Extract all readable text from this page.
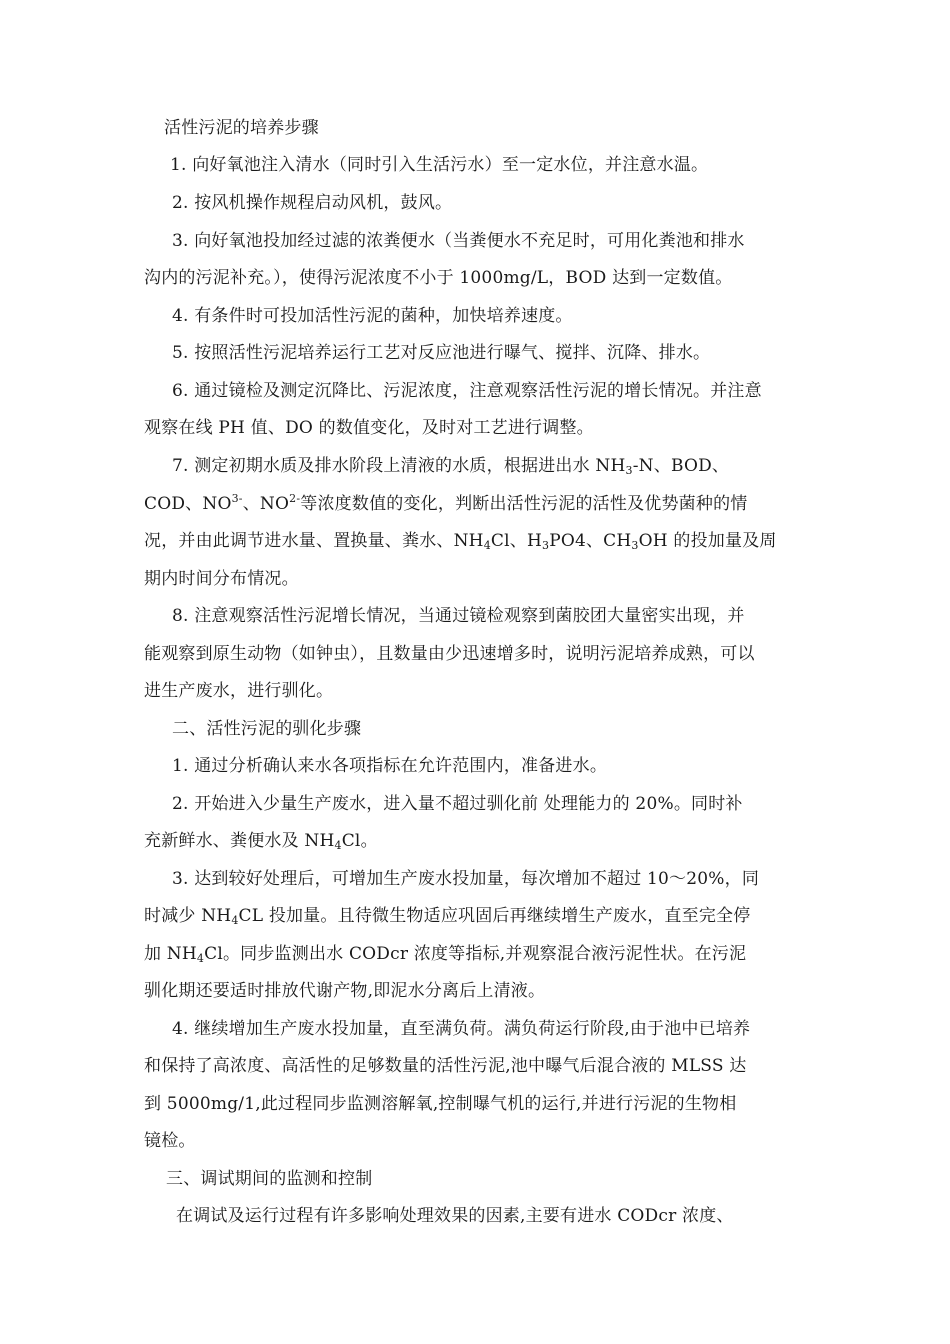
活性污泥的培养步骤
1. 向好氧池注入清水（同时引入生活污水）至一定水位，并注意水温。
2. 按风机操作规程启动风机，鼓风。
3. 向好氧池投加经过滤的浓粪便水（当粪便水不充足时，可用化粪池和排水
沟内的污泥补充。），使得污泥浓度不小于 1000mg/L，BOD 达到一定数值。
4. 有条件时可投加活性污泥的菌种，加快培养速度。
5. 按照活性污泥培养运行工艺对反应池进行曝气、搅拌、沉降、排水。
6. 通过镜检及测定沉降比、污泥浓度，注意观察活性污泥的增长情况。并注意
观察在线 PH 值、DO 的数值变化，及时对工艺进行调整。
7. 测定初期水质及排水阶段上清液的水质，根据进出水 $NH_3-N$、BOD、
COD、$NO^{3-}$、$NO^{2-}$等浓度数值的变化，判断出活性污泥的活性及优势菌种的情
况，并由此调节进水量、置换量、粪水、$NH_4Cl$、$H_3PO4$、$CH_3OH$ 的投加量及周
期内时间分布情况。
8. 注意观察活性污泥增长情况，当通过镜检观察到菌胶团大量密实出现，并
能观察到原生动物（如钟虫），且数量由少迅速增多时，说明污泥培养成熟，可以
进生产废水，进行驯化。
二、活性污泥的驯化步骤
1. 通过分析确认来水各项指标在允许范围内，准备进水。
2. 开始进入少量生产废水，进入量不超过驯化前 处理能力的 20%。同时补
充新鲜水、粪便水及 $NH_4Cl$。
3. 达到较好处理后，可增加生产废水投加量，每次增加不超过 10～20%，同
时减少 $NH_4CL$ 投加量。且待微生物适应巩固后再继续增生产废水，直至完全停
加 $NH_4Cl$。同步监测出水 CODcr 浓度等指标,并观察混合液污泥性状。在污泥
驯化期还要适时排放代谢产物,即泥水分离后上清液。
4. 继续增加生产废水投加量，直至满负荷。满负荷运行阶段,由于池中已培养
和保持了高浓度、高活性的足够数量的活性污泥,池中曝气后混合液的 MLSS 达
到 5000mg/1,此过程同步监测溶解氧,控制曝气机的运行,并进行污泥的生物相
镜检。
三、调试期间的监测和控制
在调试及运行过程有许多影响处理效果的因素,主要有进水 CODcr 浓度、
